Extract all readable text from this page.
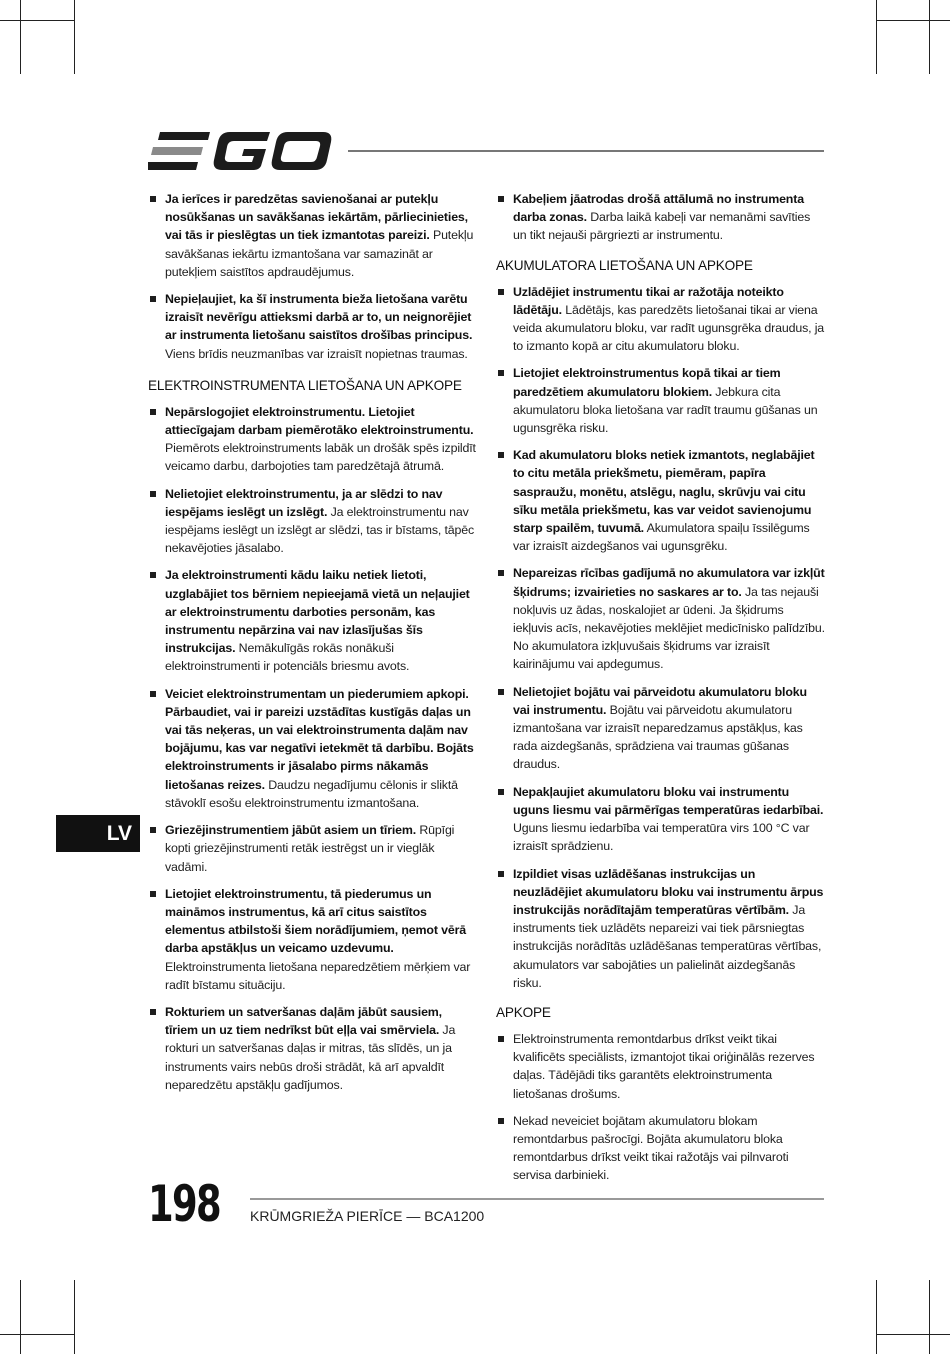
Ja ierīces ir paredzētas savienošanai ar putekļu nosūkšanas un savākšanas iekārtām, pārliecinieties, vai tās ir pieslēgtas un tiek izmantotas pareizi. Putekļu savākšanas iekārtu izmantošana var samazināt ar putekļiem saistītos apdraudējumus.
Nepieļaujiet, ka šī instrumenta bieža lietošana varētu izraisīt nevērīgu attieksmi darbā ar to, un neignorējiet ar instrumenta lietošanu saistītos drošības principus. Viens brīdis neuzmanības var izraisīt nopietnas traumas.
ELEKTROINSTRUMENTA LIETOŠANA UN APKOPE
Nepārslogojiet elektroinstrumentu. Lietojiet attiecīgajam darbam piemērotāko elektroinstrumentu. Piemērots elektroinstruments labāk un drošāk spēs izpildīt veicamo darbu, darbojoties tam paredzētajā ātrumā.
Nelietojiet elektroinstrumentu, ja ar slēdzi to nav iespējams ieslēgt un izslēgt. Ja elektroinstrumentu nav iespējams ieslēgt un izslēgt ar slēdzi, tas ir bīstams, tāpēc nekavējoties jāsalabo.
Ja elektroinstrumenti kādu laiku netiek lietoti, uzglabājiet tos bērniem nepieejamā vietā un neļaujiet ar elektroinstrumentu darboties personām, kas instrumentu nepārzina vai nav izlasījušas šīs instrukcijas. Nemākulīgās rokās nonākuši elektroinstrumenti ir potenciāls briesmu avots.
Veiciet elektroinstrumentam un piederumiem apkopi. Pārbaudiet, vai ir pareizi uzstādītas kustīgās daļas un vai tās neķeras, un vai elektroinstrumenta daļām nav bojājumu, kas var negatīvi ietekmēt tā darbību. Bojāts elektroinstruments ir jāsalabo pirms nākamās lietošanas reizes. Daudzu negadījumu cēlonis ir sliktā stāvoklī esošu elektroinstrumentu izmantošana.
Griezējinstrumentiem jābūt asiem un tīriem. Rūpīgi kopti griezējinstrumenti retāk iestrēgst un ir vieglāk vadāmi.
Lietojiet elektroinstrumentu, tā piederumus un maināmos instrumentus, kā arī citus saistītos elementus atbilstoši šiem norādījumiem, ņemot vērā darba apstākļus un veicamo uzdevumu. Elektroinstrumenta lietošana neparedzētiem mērķiem var radīt bīstamu situāciju.
Rokturiem un satveršanas daļām jābūt sausiem, tīriem un uz tiem nedrīkst būt eļļa vai smērviela. Ja rokturi un satveršanas daļas ir mitras, tās slīdēs, un ja instruments vairs nebūs droši strādāt, kā arī apvaldīt neparedzētu apstākļu gadījumos.
Kabeļiem jāatrodas drošā attālumā no instrumenta darba zonas. Darba laikā kabeļi var nemanāmi savīties un tikt nejauši pārgriezti ar instrumentu.
AKUMULATORA LIETOŠANA UN APKOPE
Uzlādējiet instrumentu tikai ar ražotāja noteikto lādētāju. Lādētājs, kas paredzēts lietošanai tikai ar viena veida akumulatoru bloku, var radīt ugunsgrēka draudus, ja to izmanto kopā ar citu akumulatoru bloku.
Lietojiet elektroinstrumentus kopā tikai ar tiem paredzētiem akumulatoru blokiem. Jebkura cita akumulatoru bloka lietošana var radīt traumu gūšanas un ugunsgrēka risku.
Kad akumulatoru bloks netiek izmantots, neglabājiet to citu metāla priekšmetu, piemēram, papīra saspraužu, monētu, atslēgu, naglu, skrūvju vai citu sīku metāla priekšmetu, kas var veidot savienojumu starp spailēm, tuvumā. Akumulatora spaiļu īssilēgums var izraisīt aizdegšanos vai ugunsgrēku.
Nepareizas rīcības gadījumā no akumulatora var izkļūt šķidrums; izvairieties no saskares ar to. Ja tas nejauši nokļuvis uz ādas, noskalojiet ar ūdeni. Ja šķidrums iekļuvis acīs, nekavējoties meklējiet medicīnisko palīdzību. No akumulatora izkļuvušais šķidrums var izraisīt kairinājumu vai apdegumus.
Nelietojiet bojātu vai pārveidotu akumulatoru bloku vai instrumentu. Bojātu vai pārveidotu akumulatoru izmantošana var izraisīt neparedzamus apstākļus, kas rada aizdegšanās, sprādziena vai traumas gūšanas draudus.
Nepakļaujiet akumulatoru bloku vai instrumentu uguns liesmu vai pārmērīgas temperatūras iedarbībai. Uguns liesmu iedarbība vai temperatūra virs 100 °C var izraisīt sprādzienu.
Izpildiet visas uzlādēšanas instrukcijas un neuzlādējiet akumulatoru bloku vai instrumentu ārpus instrukcijās norādītajām temperatūras vērtībām. Ja instruments tiek uzlādēts nepareizi vai tiek pārsniegtas instrukcijās norādītās uzlādēšanas temperatūras vērtības, akumulators var sabojāties un palielināt aizdegšanās risku.
APKOPE
Elektroinstrumenta remontdarbus drīkst veikt tikai kvalificēts speciālists, izmantojot tikai oriģinālās rezerves daļas. Tādējādi tiks garantēts elektroinstrumenta lietošanas drošums.
Nekad neveiciet bojātam akumulatoru blokam remontdarbus pašrocīgi. Bojāta akumulatoru bloka remontdarbus drīkst veikt tikai ražotājs vai pilnvaroti servisa darbinieki.
LV
198 KRŪMGRIEŽA PIERĪCE — BCA1200
